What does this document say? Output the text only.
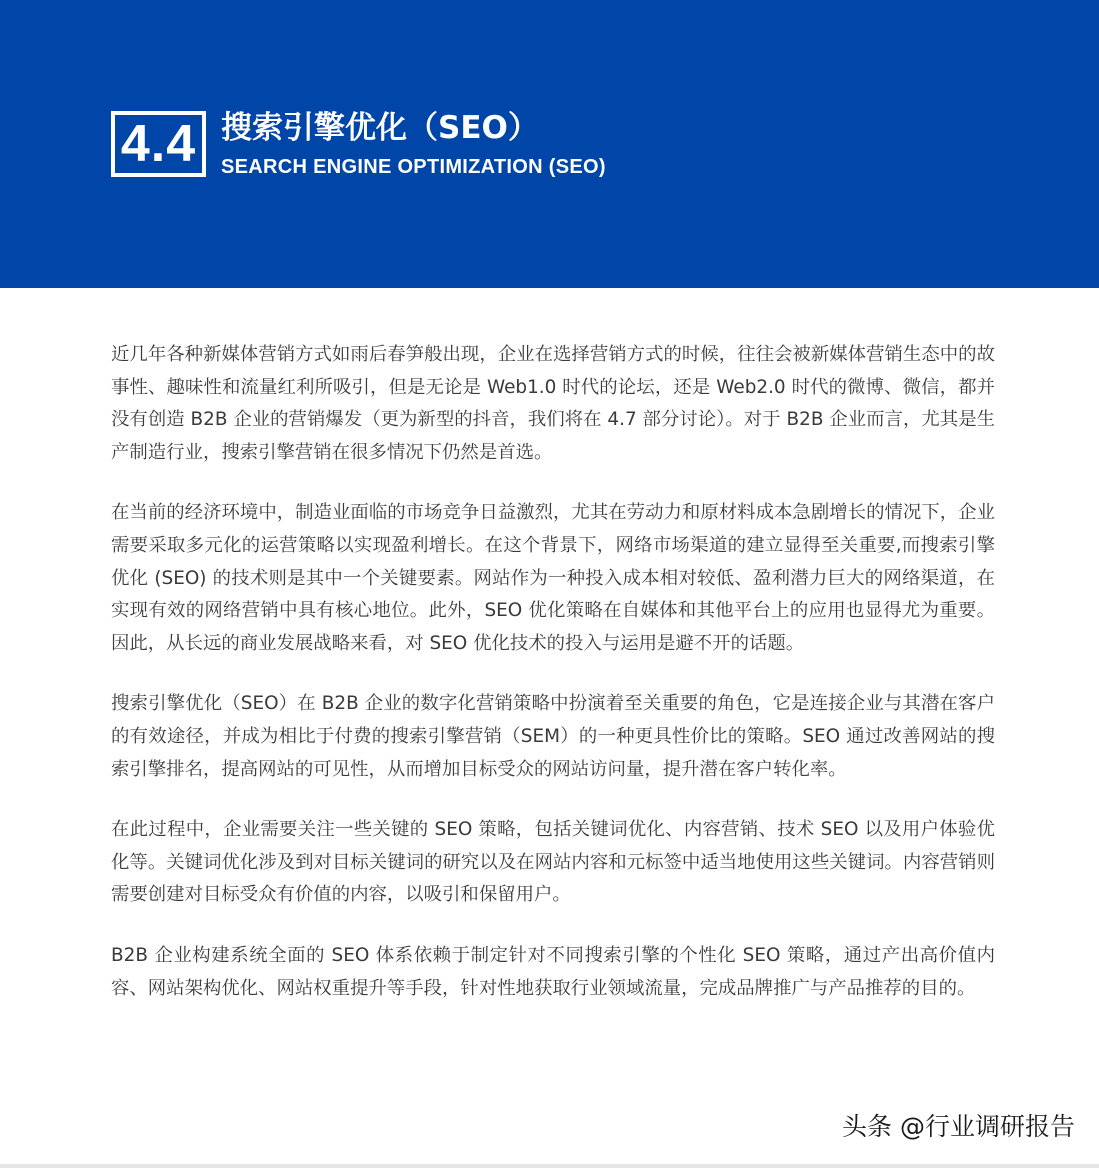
4.4 搜索引擎优化（SEO）
SEARCH ENGINE OPTIMIZATION (SEO)

近几年各种新媒体营销方式如雨后春笋般出现，企业在选择营销方式的时候，往往会被新媒体营销生态中的故事性、趣味性和流量红利所吸引，但是无论是 Web1.0 时代的论坛，还是 Web2.0 时代的微博、微信，都并没有创造 B2B 企业的营销爆发（更为新型的抖音，我们将在 4.7 部分讨论）。对于 B2B 企业而言，尤其是生产制造行业，搜索引擎营销在很多情况下仍然是首选。

在当前的经济环境中，制造业面临的市场竞争日益激烈，尤其在劳动力和原材料成本急剧增长的情况下，企业需要采取多元化的运营策略以实现盈利增长。在这个背景下，网络市场渠道的建立显得至关重要,而搜索引擎优化 (SEO) 的技术则是其中一个关键要素。网站作为一种投入成本相对较低、盈利潜力巨大的网络渠道，在实现有效的网络营销中具有核心地位。此外，SEO 优化策略在自媒体和其他平台上的应用也显得尤为重要。因此，从长远的商业发展战略来看，对 SEO 优化技术的投入与运用是避不开的话题。

搜索引擎优化（SEO）在 B2B 企业的数字化营销策略中扮演着至关重要的角色，它是连接企业与其潜在客户的有效途径，并成为相比于付费的搜索引擎营销（SEM）的一种更具性价比的策略。SEO 通过改善网站的搜索引擎排名，提高网站的可见性，从而增加目标受众的网站访问量，提升潜在客户转化率。

在此过程中，企业需要关注一些关键的 SEO 策略，包括关键词优化、内容营销、技术 SEO 以及用户体验优化等。关键词优化涉及到对目标关键词的研究以及在网站内容和元标签中适当地使用这些关键词。内容营销则需要创建对目标受众有价值的内容，以吸引和保留用户。

B2B 企业构建系统全面的 SEO 体系依赖于制定针对不同搜索引擎的个性化 SEO 策略，通过产出高价值内容、网站架构优化、网站权重提升等手段，针对性地获取行业领域流量，完成品牌推广与产品推荐的目的。

头条 @行业调研报告
